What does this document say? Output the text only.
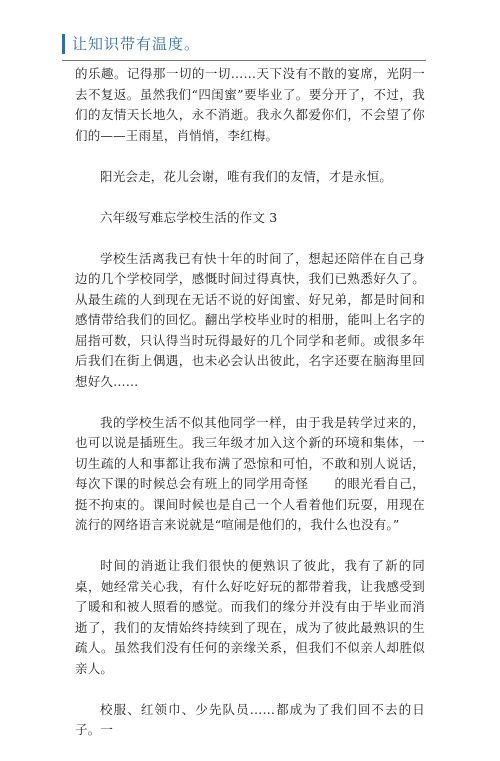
让知识带有温度。

的乐趣。记得那一切的一切……天下没有不散的宴席，光阴一去不复返。虽然我们“四闺蜜”要毕业了。要分开了，不过，我们的友情天长地久，永不消逝。我永久都爱你们，不会望了你们的——王雨星，肖悄悄，李红梅。

阳光会走，花儿会谢，唯有我们的友情，才是永恒。

六年级写难忘学校生活的作文 3

学校生活离我已有快十年的时间了，想起还陪伴在自己身边的几个学校同学，感慨时间过得真快，我们已熟悉好久了。从最生疏的人到现在无话不说的好闺蜜、好兄弟，都是时间和感情带给我们的回忆。翻出学校毕业时的相册，能叫上名字的屈指可数，只认得当时玩得最好的几个同学和老师。或很多年后我们在街上偶遇，也未必会认出彼此，名字还要在脑海里回想好久……

我的学校生活不似其他同学一样，由于我是转学过来的，也可以说是插班生。我三年级才加入这个新的环境和集体，一切生疏的人和事都让我布满了恐惊和可怕，不敢和别人说话，每次下课的时候总会有班上的同学用奇怪　　的眼光看自己，挺不拘束的。课间时候也是自己一个人看着他们玩耍，用现在流行的网络语言来说就是“喧闹是他们的，我什么也没有。”

时间的消逝让我们很快的便熟识了彼此，我有了新的同桌，她经常关心我，有什么好吃好玩的都带着我，让我感受到了暖和和被人照看的感觉。而我们的缘分并没有由于毕业而消逝了，我们的友情始终持续到了现在，成为了彼此最熟识的生疏人。虽然我们没有任何的亲缘关系，但我们不似亲人却胜似亲人。

校服、红领巾、少先队员……都成为了我们回不去的日子。一
